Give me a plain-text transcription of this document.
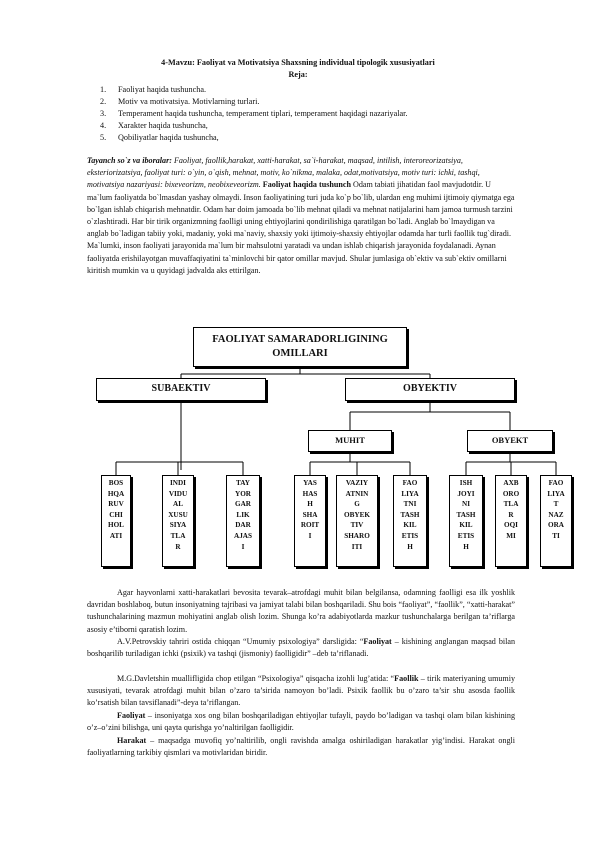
4-Mavzu: Faoliyat va Motivatsiya Shaxsning individual tipologik xususiyatlari
Reja:
1. Faoliyat haqida tushuncha.
2. Motiv va motivatsiya. Motivlarning turlari.
3. Temperament haqida tushuncha, temperament tiplari, temperament haqidagi nazariyalar.
4. Xarakter haqida tushuncha,
5. Qobiliyatlar haqida tushuncha,
Tayanch so`z va iboralar: Faoliyat, faollik,harakat, xatti-harakat, sa`i-harakat, maqsad, intilish, interoreorizatsiya, eksteriorizatsiya, faoliyat turi: o`yin, o`qish, mehnat, motiv, ko`nikma, malaka, odat,motivatsiya, motiv turi: ichki, tashqi, motivatsiya nazariyasi: bixeveorizm, neobixeveorizm. Faoliyat haqida tushunch Odam tabiati jihatidan faol mavjudotdir. U ma`lum faoliyatda bo`lmasdan yashay olmaydi. Inson faoliyatining turi juda ko`p bo`lib, ulardan eng muhimi ijtimoiy qiymatga ega bo`lgan ishlab chiqarish mehnatdir. Odam har doim jamoada bo`lib mehnat qiladi va mehnat natijalarini ham jamoa turmush tarzini o`zlashtiradi. Har bir tirik organizmning faolligi uning ehtiyojlarini qondirilishiga qaratilgan bo`ladi. Anglab bo`lmaydigan va anglab bo`ladigan tabiiy yoki, madaniy, yoki ma`naviy, shaxsiy yoki ijtimoiy-shaxsiy ehtiyojlar odamda har turli faollik tug`diradi. Ma`lumki, inson faoliyati jarayonida ma`lum bir mahsulotni yaratadi va undan ishlab chiqarish jarayonida foydalanadi. Aynan faoliyatda erishilayotgan muvaffaqiyatini ta`minlovchi bir qator omillar mavjud. Shular jumlasiga ob`ektiv va sub`ektiv omillarni kiritish mumkin va u quyidagi jadvalda aks ettirilgan.
FAOLIYAT SAMARADORLIGINING
OMILLARI
SUBAEKTIV	OBYEKTIV
MUHIT	OBYEKT
BOS
HQA
RUV
CHI
HOL
ATI
INDI
VIDU
AL
XUSU
SIYA
TLA
R
TAY
YOR
GAR
LIK
DAR
AJAS
I
YAS
HAS
H
SHA
ROIT
I
VAZIY
ATNIN
G
OBYEK
TIV
SHARO
ITI
FAO
LIYA
TNI
TASH
KIL
ETIS
H
ISH
JOYI
NI
TASH
KIL
ETIS
H
AXB
ORO
TLA
R
OQI
MI
FAO
LIYA
T
NAZ
ORA
TI
Agar hayvonlarni xatti-harakatlari bevosita tevarak–atrofdagi muhit bilan belgilansa, odamning faolligi esa ilk yoshlik davridan boshlaboq, butun insoniyatning tajribasi va jamiyat talabi bilan boshqariladi. Shu bois “faoliyat”, “faollik”, “xatti-harakat” tushunchalarining mazmun mohiyatini anglab olish lozim. Shunga ko’ra adabiyotlarda mazkur tushunchalarga berilgan ta’riflarga asosiy e’tiborni qaratish lozim.
A.V.Petrovskiy tahriri ostida chiqqan “Umumiy psixologiya” darsligida: “Faoliyat – kishining anglangan maqsad bilan boshqarilib turiladigan ichki (psixik) va tashqi (jismoniy) faolligidir” –deb ta’riflanadi.
M.G.Davletshin muallifligida chop etilgan “Psixologiya” qisqacha izohli lug’atida: “Faollik – tirik materiyaning umumiy xususiyati, tevarak atrofdagi muhit bilan o’zaro ta’sirida namoyon bo’ladi. Psixik faollik bu o’zaro ta’sir shu asosda faollik ko’rsatish bilan tavsiflanadi”-deya ta’riflangan.
Faoliyat – insoniyatga xos ong bilan boshqariladigan ehtiyojlar tufayli, paydo bo’ladigan va tashqi olam bilan kishining o’z–o’zini bilishga, uni qayta qurishga yo’naltirilgan faolligidir.
Harakat – maqsadga muvofiq yo’naltirilib, ongli ravishda amalga oshiriladigan harakatlar yig’indisi. Harakat ongli faoliyatlarning tarkibiy qismlari va motivlaridan biridir.
